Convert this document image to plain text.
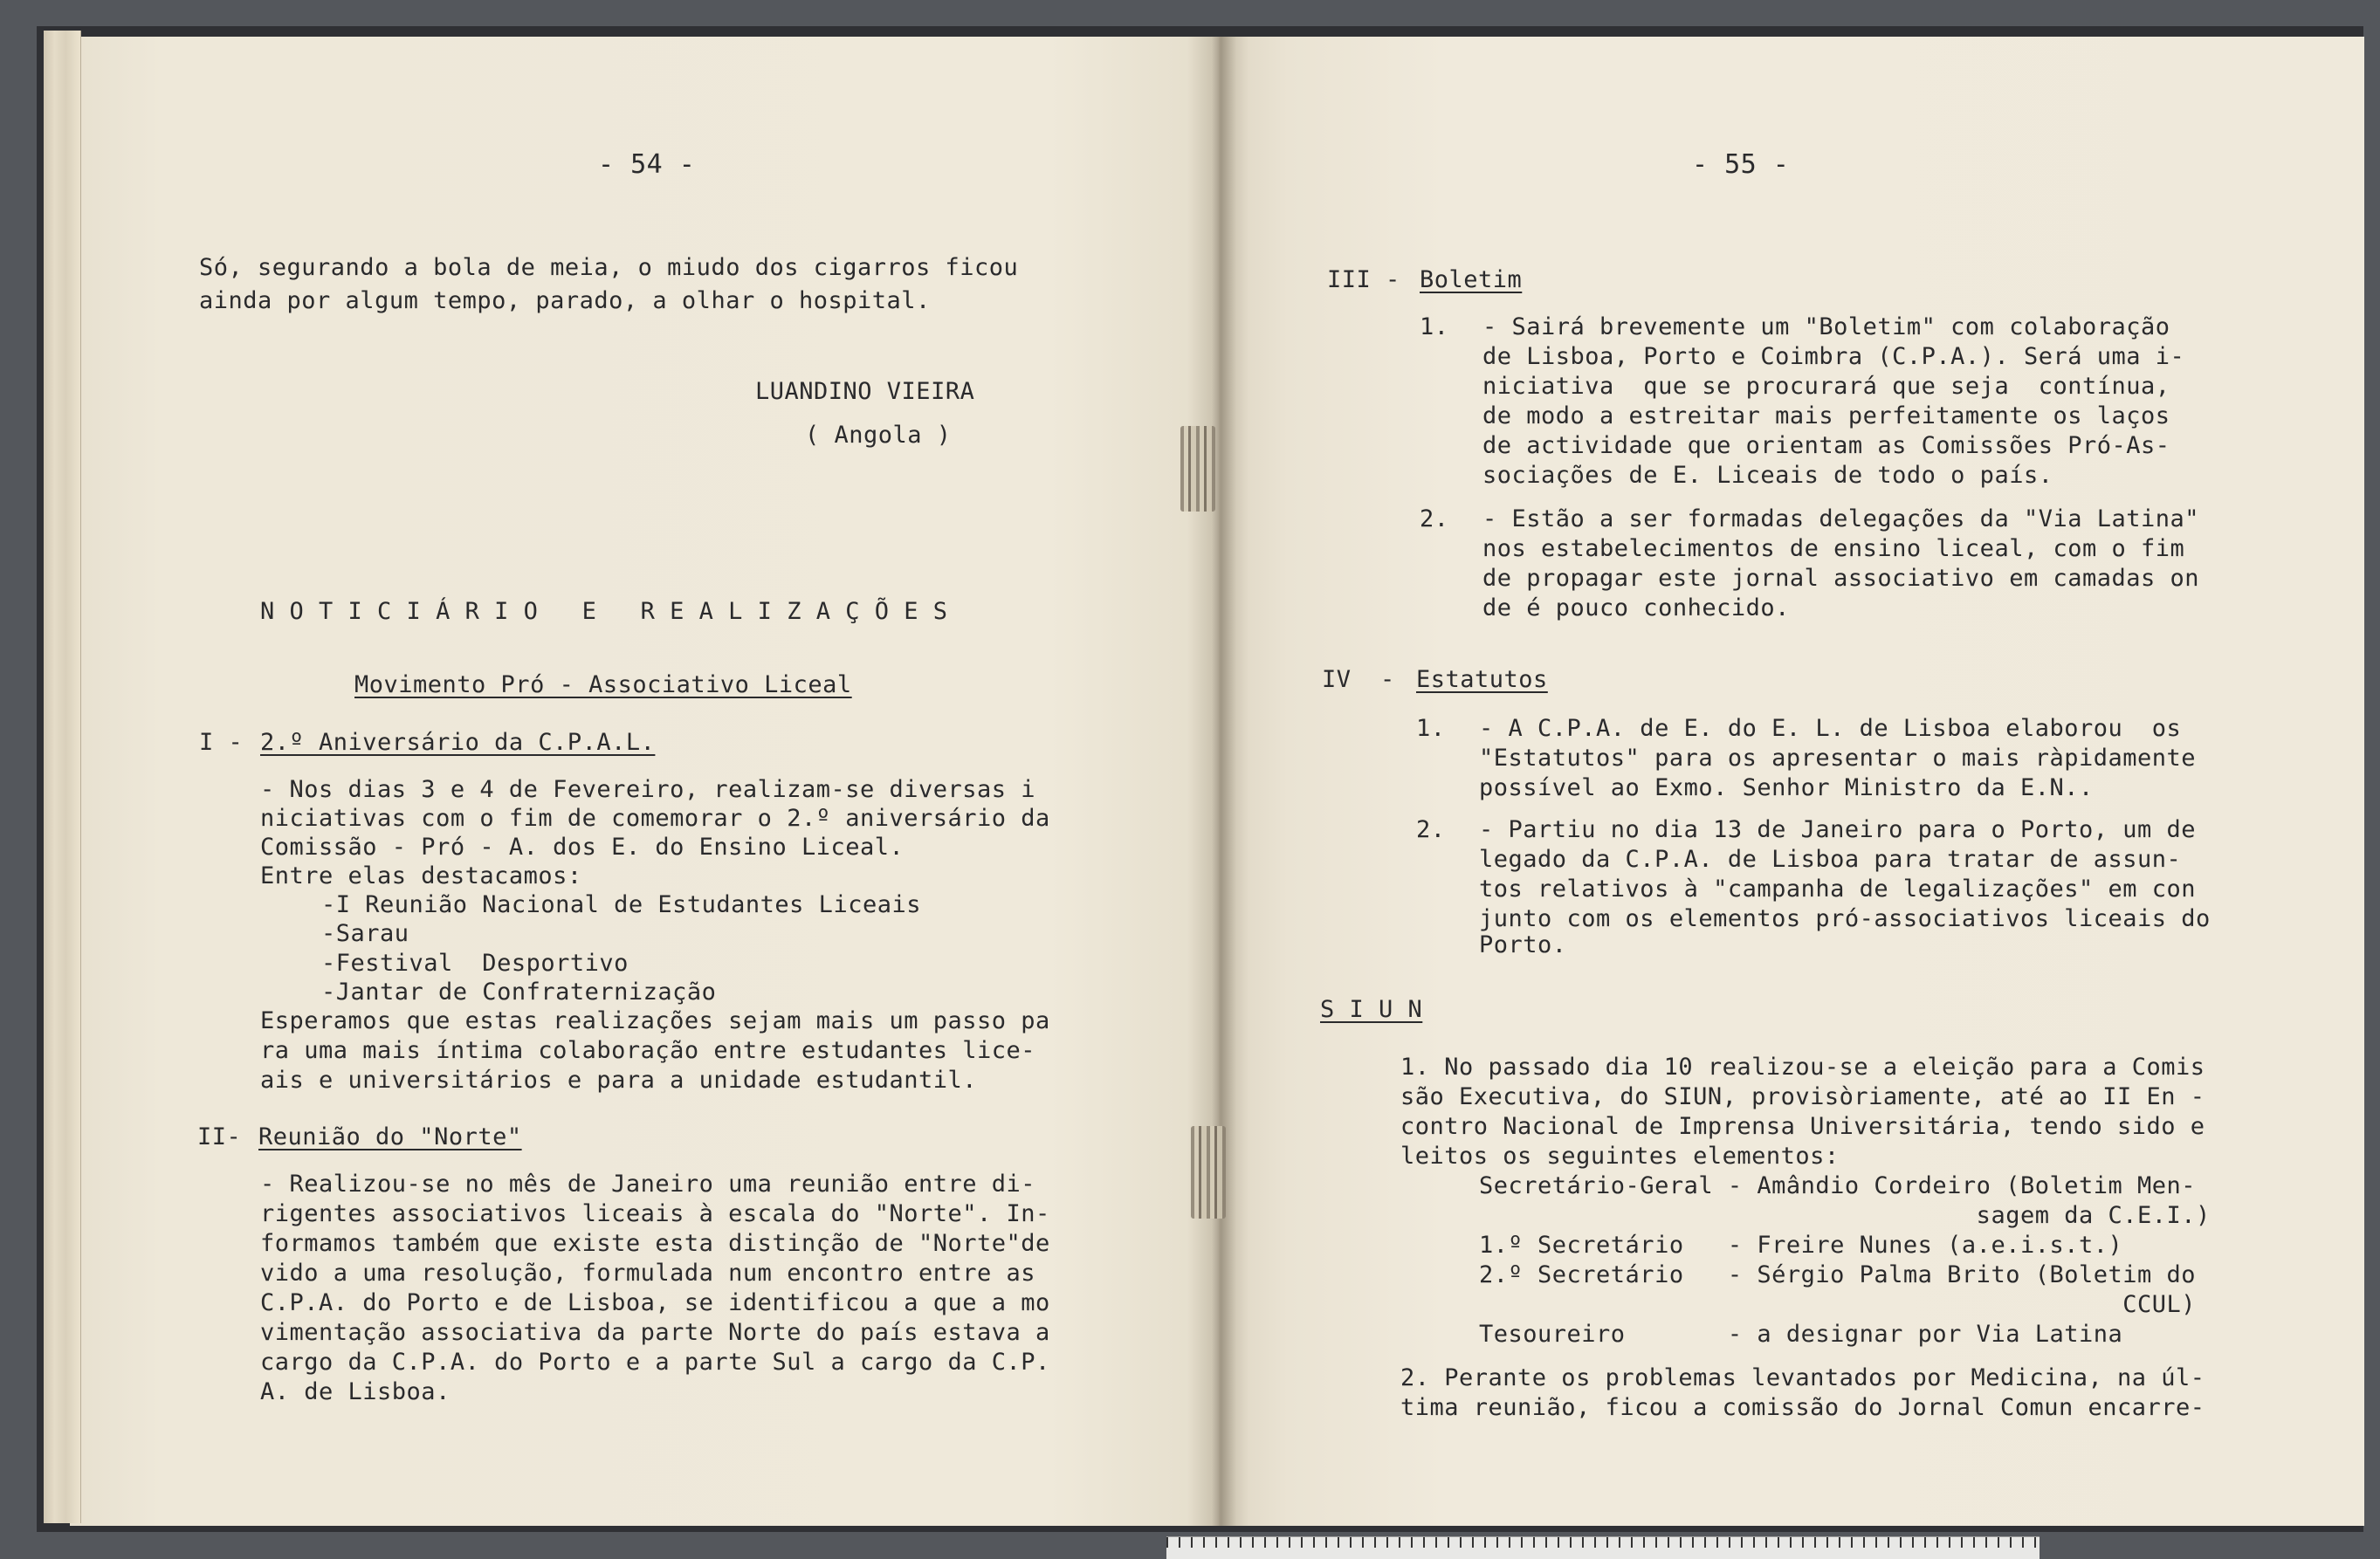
- 54 -
Só, segurando a bola de meia, o miudo dos cigarros ficou
ainda por algum tempo, parado, a olhar o hospital.
LUANDINO VIEIRA
( Angola )
N O T I C I Á R I O   E   R E A L I Z A Ç Õ E S
Movimento Pró - Associativo Liceal
I - 2.º Aniversário da C.P.A.L.
- Nos dias 3 e 4 de Fevereiro, realizam-se diversas i
niciativas com o fim de comemorar o 2.º aniversário da
Comissão - Pró - A. dos E. do Ensino Liceal.
Entre elas destacamos:
-I Reunião Nacional de Estudantes Liceais
-Sarau
-Festival  Desportivo
-Jantar de Confraternização
Esperamos que estas realizações sejam mais um passo pa
ra uma mais íntima colaboração entre estudantes lice-
ais e universitários e para a unidade estudantil.
II- Reunião do "Norte"
- Realizou-se no mês de Janeiro uma reunião entre di-
rigentes associativos liceais à escala do "Norte". In-
formamos também que existe esta distinção de "Norte"de
vido a uma resolução, formulada num encontro entre as
C.P.A. do Porto e de Lisboa, se identificou a que a mo
vimentação associativa da parte Norte do país estava a
cargo da C.P.A. do Porto e a parte Sul a cargo da C.P.
A. de Lisboa.
- 55 -
III - Boletim
1. - Sairá brevemente um "Boletim" com colaboração
de Lisboa, Porto e Coimbra (C.P.A.). Será uma i-
niciativa  que se procurará que seja  contínua,
de modo a estreitar mais perfeitamente os laços
de actividade que orientam as Comissões Pró-As-
sociações de E. Liceais de todo o país.
2. - Estão a ser formadas delegações da "Via Latina"
nos estabelecimentos de ensino liceal, com o fim
de propagar este jornal associativo em camadas on
de é pouco conhecido.
IV  - Estatutos
1. - A C.P.A. de E. do E. L. de Lisboa elaborou  os
"Estatutos" para os apresentar o mais ràpidamente
possível ao Exmo. Senhor Ministro da E.N..
2. - Partiu no dia 13 de Janeiro para o Porto, um de
legado da C.P.A. de Lisboa para tratar de assun-
tos relativos à "campanha de legalizações" em con
junto com os elementos pró-associativos liceais do
Porto.
S I U N
1. No passado dia 10 realizou-se a eleição para a Comis
são Executiva, do SIUN, provisòriamente, até ao II En -
contro Nacional de Imprensa Universitária, tendo sido e
leitos os seguintes elementos:
Secretário-Geral - Amândio Cordeiro (Boletim Men-
sagem da C.E.I.)
1.º Secretário   - Freire Nunes (a.e.i.s.t.)
2.º Secretário   - Sérgio Palma Brito (Boletim do
CCUL)
Tesoureiro       - a designar por Via Latina
2. Perante os problemas levantados por Medicina, na úl-
tima reunião, ficou a comissão do Jornal Comun encarre-
